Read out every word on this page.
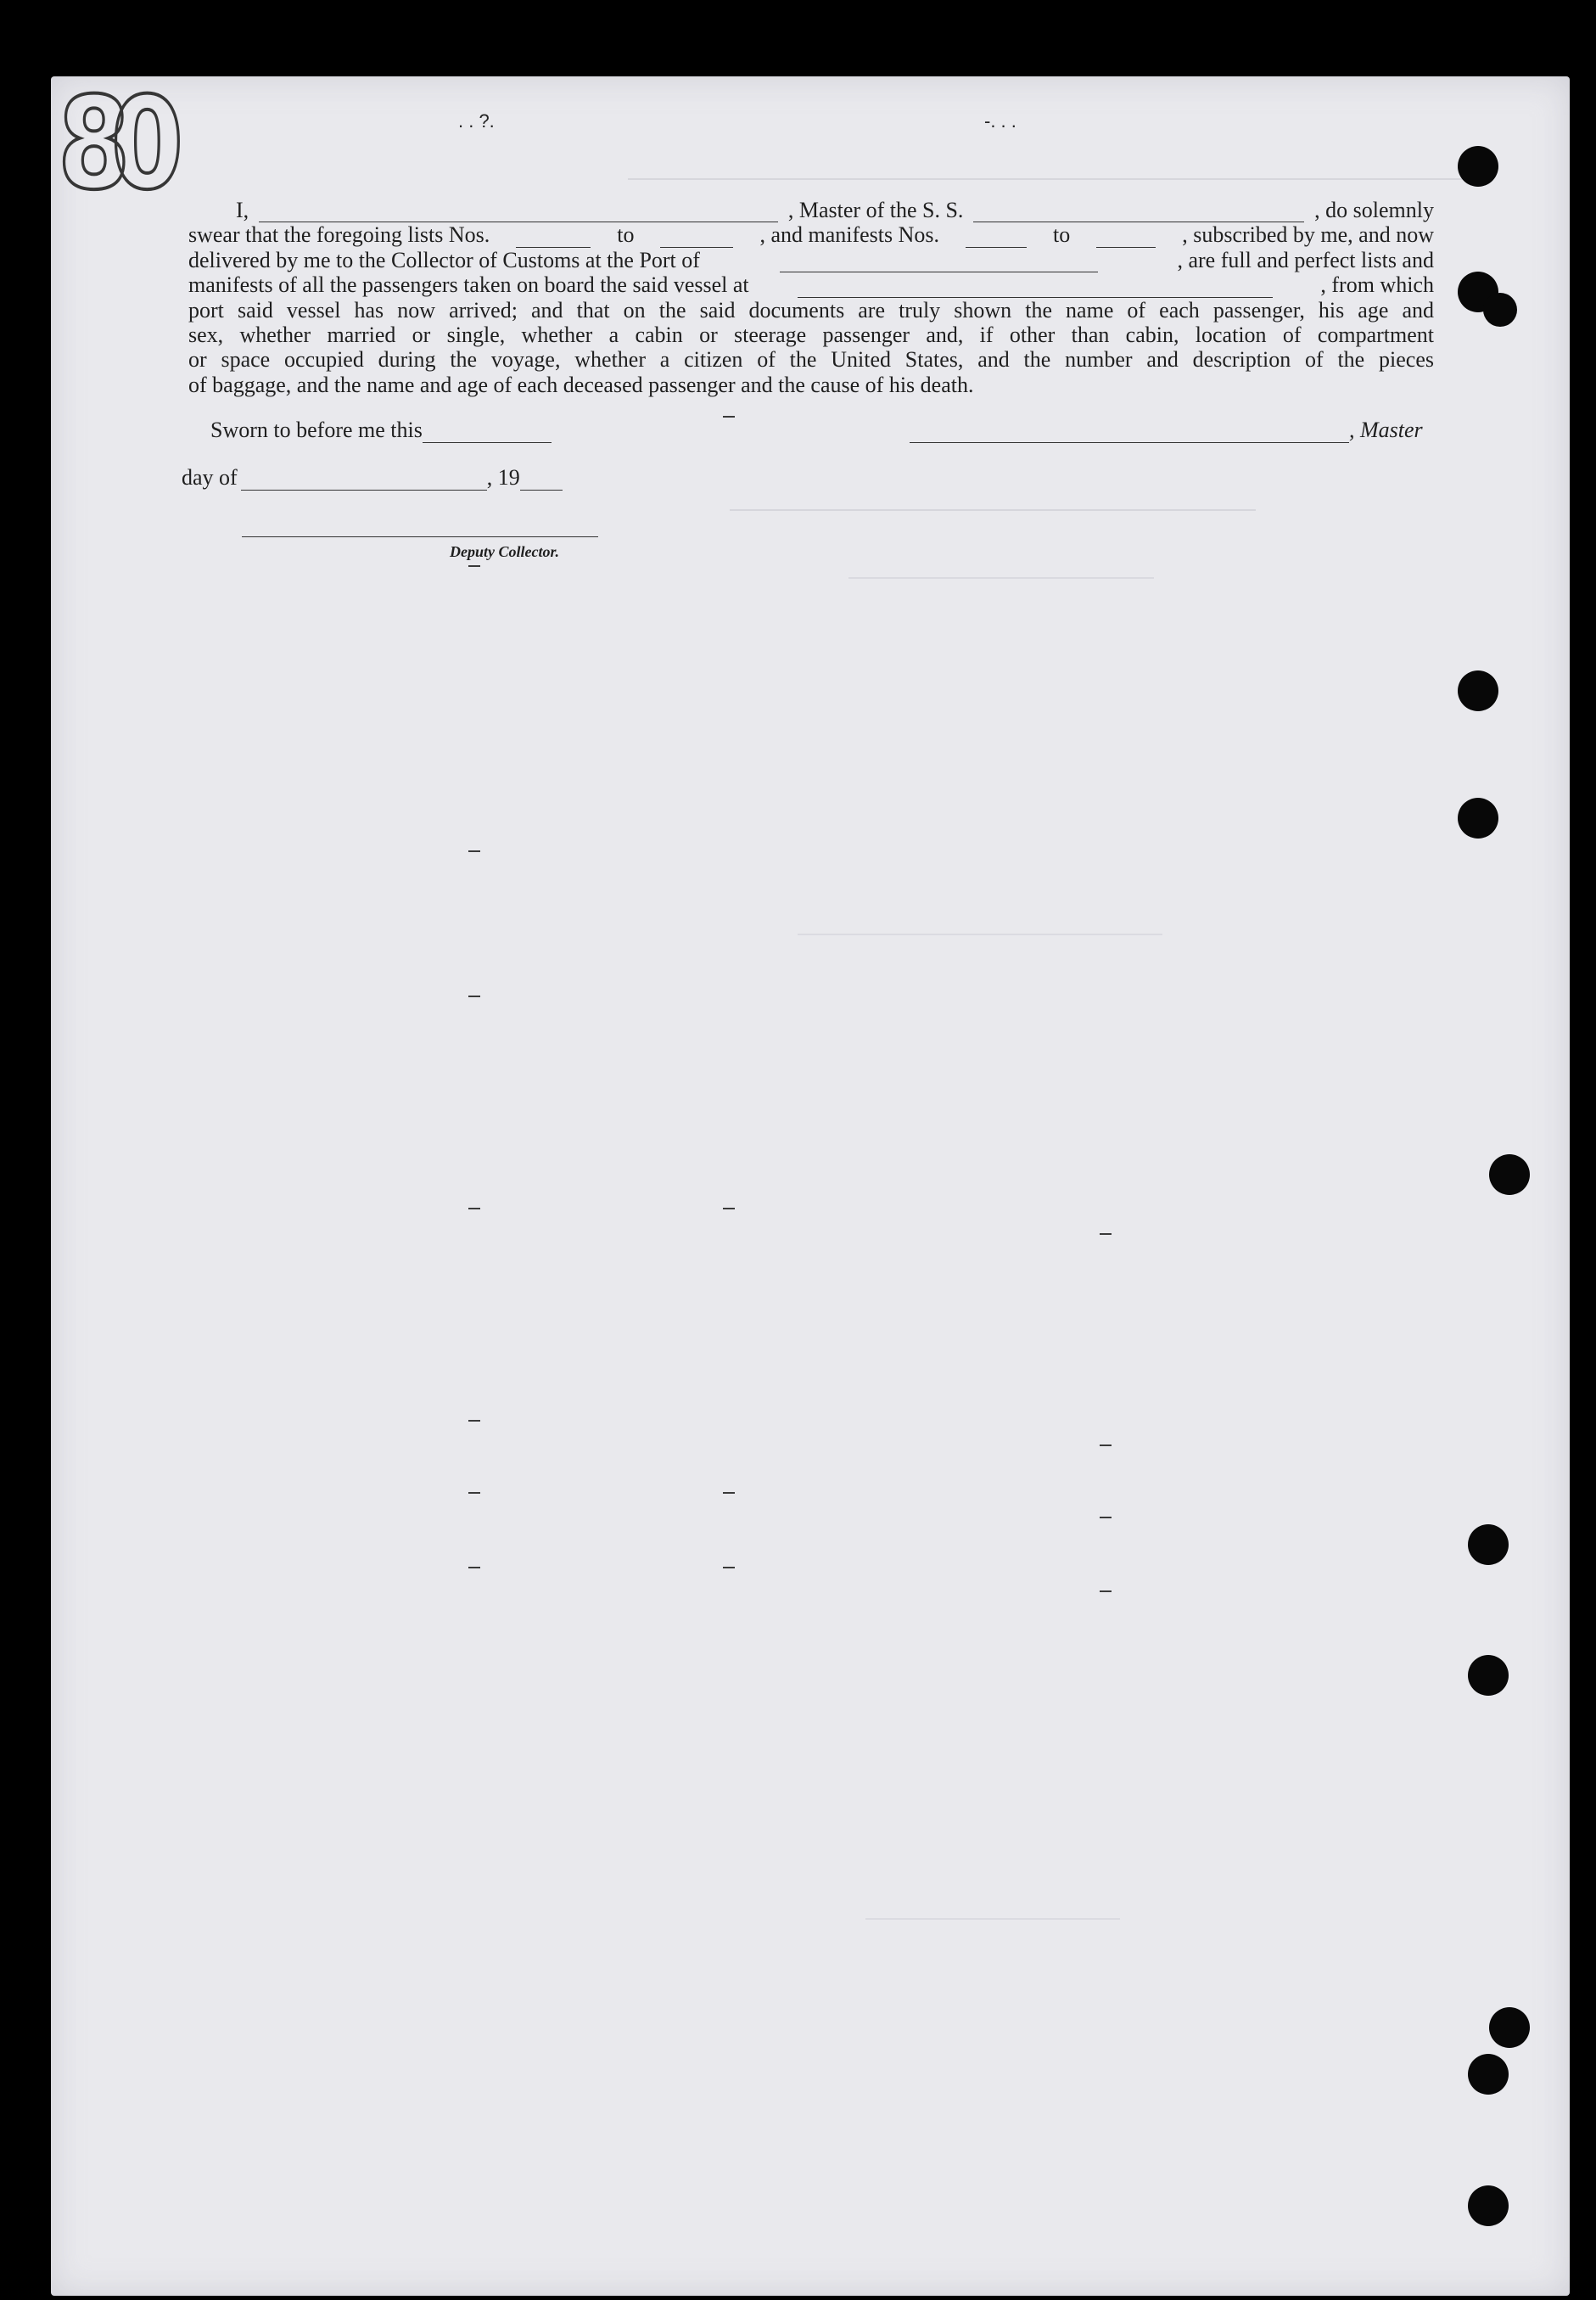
80	. . ?.	-. . .
I,	, Master of the S. S.	, do solemnly
swear that the foregoing lists Nos.	to	, and manifests Nos.	to	, subscribed by me, and now
delivered by me to the Collector of Customs at the Port of	, are full and perfect lists and
manifests of all the passengers taken on board the said vessel at	, from which
port said vessel has now arrived; and that on the said documents are truly shown the name of each passenger, his age and
sex, whether married or single, whether a cabin or steerage passenger and, if other than cabin, location of compartment
or space occupied during the voyage, whether a citizen of the United States, and the number and description of the pieces
of baggage, and the name and age of each deceased passenger and the cause of his death.
Sworn to before me this	, Master
day of	, 19
Deputy Collector.
